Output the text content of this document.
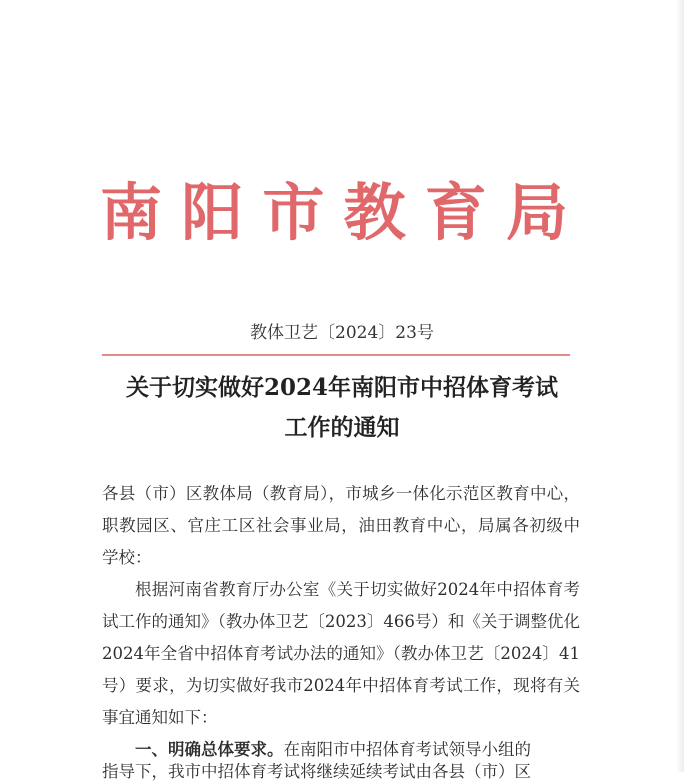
南 阳 市 教 育 局
教体卫艺〔2024〕23号
关于切实做好2024年南阳市中招体育考试
工作的通知

各县（市）区教体局（教育局），市城乡一体化示范区教育中心，职教园区、官庄工区社会事业局，油田教育中心，局属各初级中学校：

根据河南省教育厅办公室《关于切实做好2024年中招体育考试工作的通知》（教办体卫艺〔2023〕466号）和《关于调整优化2024年全省中招体育考试办法的通知》（教办体卫艺〔2024〕41号）要求，为切实做好我市2024年中招体育考试工作，现将有关事宜通知如下：

一、明确总体要求。在南阳市中招体育考试领导小组的

指导下，我市中招体育考试将继续延续考试由各县（市）区
